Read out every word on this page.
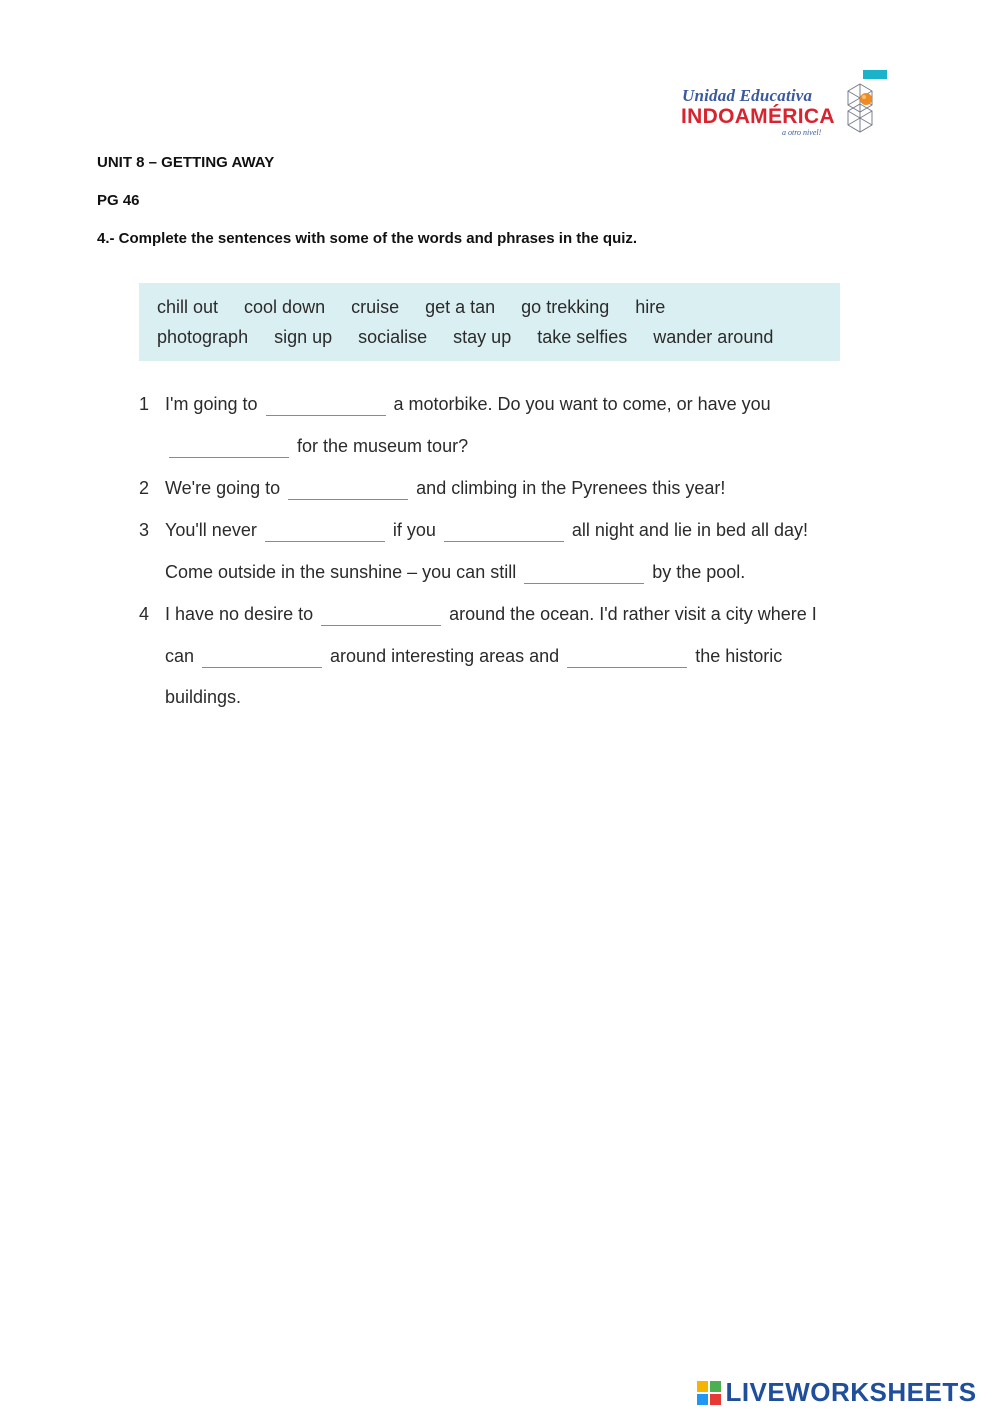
Unidad Educativa
INDOAMÉRICA
a otro nivel!
UNIT 8 – GETTING AWAY
PG 46
4.- Complete the sentences with some of the words and phrases in the quiz.
chill out cool down cruise get a tan go trekking hire
photograph sign up socialise stay up take selfies wander around
1 I'm going to	a motorbike. Do you want to come, or have you
for the museum tour?
2 We're going to	and climbing in the Pyrenees this year!
3 You'll never	if you	all night and lie in bed all day!
Come outside in the sunshine – you can still	by the pool.
4 I have no desire to	around the ocean. I'd rather visit a city where I
can	around interesting areas and	the historic
buildings.
LIVEWORKSHEETS
